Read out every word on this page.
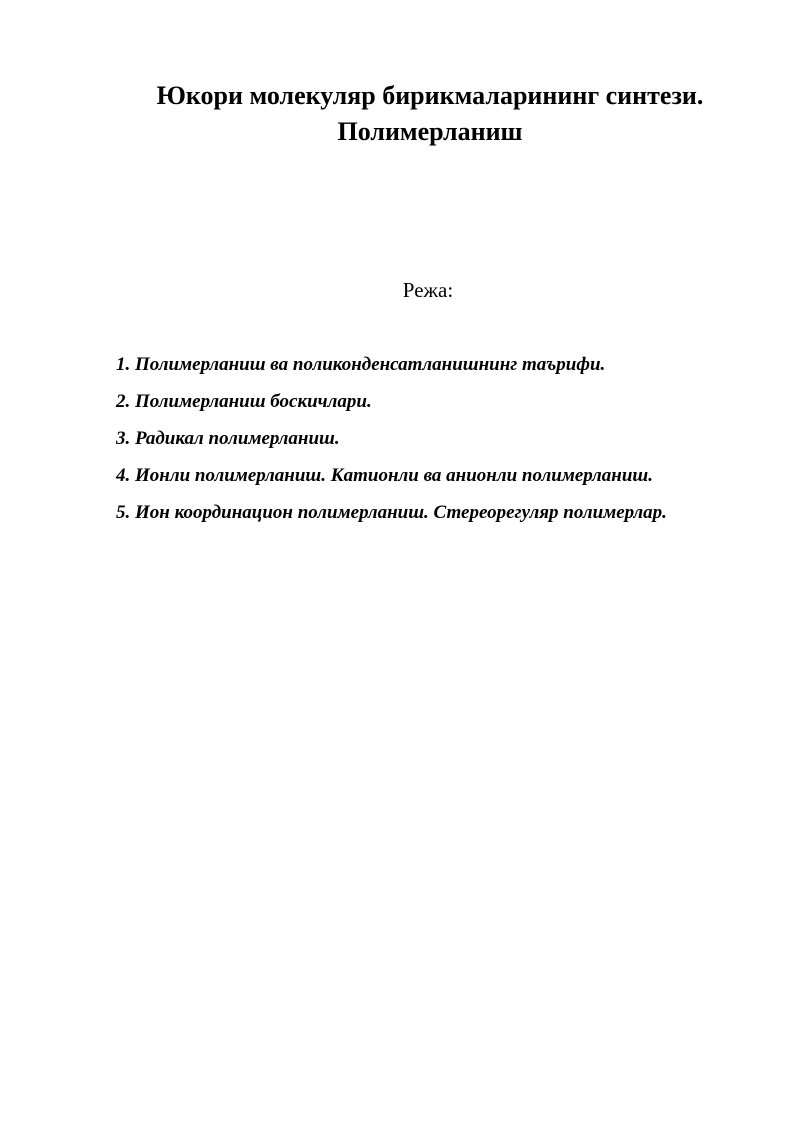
Юкори молекуляр бирикмаларининг синтези.
Полимерланиш
Режа:
1. Полимерланиш ва поликонденсатланишнинг таърифи.
2. Полимерланиш боскичлари.
3. Радикал полимерланиш.
4. Ионли полимерланиш. Катионли ва анионли полимерланиш.
5. Ион координацион полимерланиш. Стереорегуляр полимерлар.
